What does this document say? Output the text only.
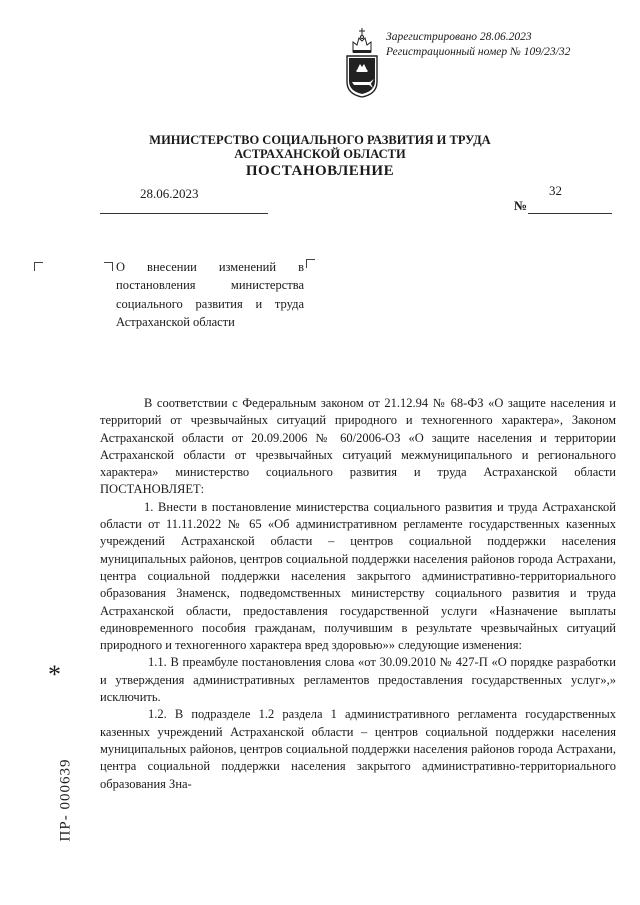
Зарегистрировано 28.06.2023
Регистрационный номер № 109/23/32
МИНИСТЕРСТВО СОЦИАЛЬНОГО РАЗВИТИЯ И ТРУДА
АСТРАХАНСКОЙ ОБЛАСТИ
ПОСТАНОВЛЕНИЕ
28.06.2023	32
№
О внесении изменений в постановления министерства социального развития и труда Астраханской области

В соответствии с Федеральным законом от 21.12.94 № 68-ФЗ «О защите населения и территорий от чрезвычайных ситуаций природного и техногенного характера», Законом Астраханской области от 20.09.2006 № 60/2006-ОЗ «О защите населения и территории Астраханской области от чрезвычайных ситуаций межмуниципального и регионального характера» министерство социального развития и труда Астраханской области ПОСТАНОВЛЯЕТ:

1. Внести в постановление министерства социального развития и труда Астраханской области от 11.11.2022 № 65 «Об административном регламенте государственных казенных учреждений Астраханской области – центров социальной поддержки населения муниципальных районов, центров социальной поддержки населения районов города Астрахани, центра социальной поддержки населения закрытого административно-территориального образования Знаменск, подведомственных министерству социального развития и труда Астраханской области, предоставления государственной услуги «Назначение выплаты единовременного пособия гражданам, получившим в результате чрезвычайных ситуаций природного и техногенного характера вред здоровью»» следующие изменения:

1.1. В преамбуле постановления слова «от 30.09.2010 № 427-П «О порядке разработки и утверждения административных регламентов предоставления государственных услуг»,» исключить.

1.2. В подразделе 1.2 раздела 1 административного регламента государственных казенных учреждений Астраханской области – центров социальной поддержки населения муниципальных районов, центров социальной поддержки населения районов города Астрахани, центра социальной поддержки населения закрытого административно-территориального образования Зна-

*
ПР- 000639
